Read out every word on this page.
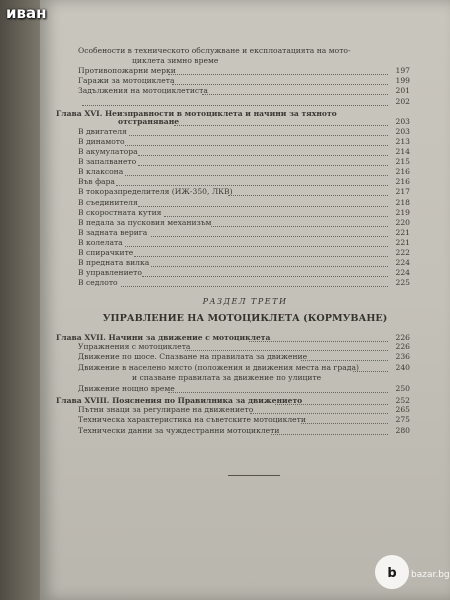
Особености в техническото обслужване и експлоатацията на мото-
циклета зимно време
Противопожарни мерки	197
Гаражи за мотоциклета	199
Задължения на мотоциклетиста	201
202
Глава XVI. Неизправности в мотоциклета и начини за тяхното
отстраняване	203
В двигателя	203
В динамото	213
В акумулатора	214
В запалването	215
В клаксона	216
Във фара	216
В токоразпределителя (ИЖ-350, ЛКВ)	217
В съединителя	218
В скоростната кутия	219
В педала за пусковия механизъм	220
В задната верига	221
В колелата	221
В спирачките	222
В предната вилка	224
В управлението	224
В седлото	225
РАЗДЕЛ ТРЕТИ
УПРАВЛЕНИЕ НА МОТОЦИКЛЕТА (КОРМУВАНЕ)
Глава XVII. Начини за движение с мотоциклета	226
Упражнения с мотоциклета	226
Движение по шосе. Спазване на правилата за движение	236
Движение в населено място (положения и движения места на града)	240
и спазване правилата за движение по улиците
Движение нощно време	250
Глава XVIII. Пояснения по Правилника за движението	252
Пътни знаци за регулиране на движението	265
Техническа характеристика на съветските мотоциклети	275
Технически данни за чуждестранни мотоциклети	280
иван
b bazar.bg
